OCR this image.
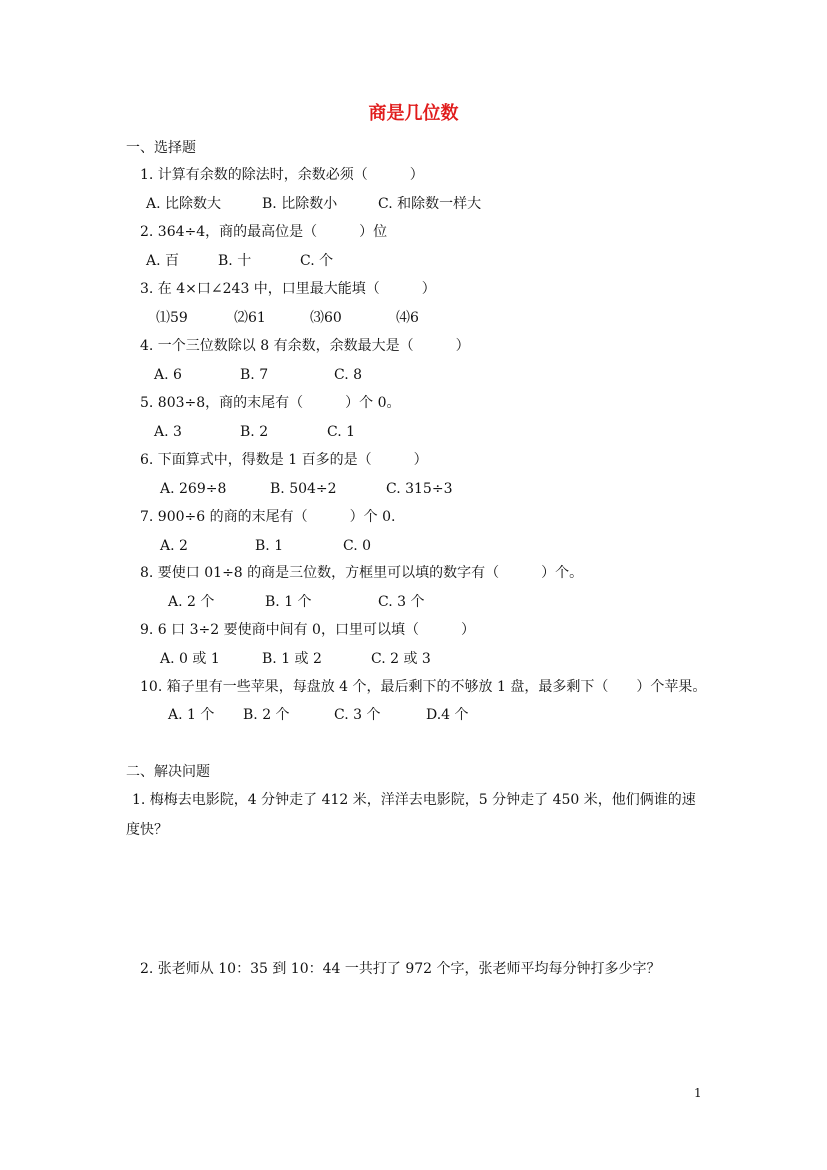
商是几位数
一、选择题
1. 计算有余数的除法时，余数必须（　　　）
A. 比除数大	B. 比除数小	C. 和除数一样大
2. 364÷4，商的最高位是（　　　）位
A. 百	B. 十	C. 个
3. 在 4×口∠243 中，口里最大能填（　　　）
⑴59	⑵61	⑶60	⑷6
4. 一个三位数除以 8 有余数，余数最大是（　　　）
A. 6	B. 7	C. 8
5. 803÷8，商的末尾有（　　　）个 0。
A. 3	B. 2	C. 1
6. 下面算式中，得数是 1 百多的是（　　　）
A. 269÷8	B. 504÷2	C. 315÷3
7. 900÷6 的商的末尾有（　　　）个 0.
A. 2	B. 1	C. 0
8. 要使口 01÷8 的商是三位数，方框里可以填的数字有（　　　）个。
A. 2 个	B. 1 个	C. 3 个
9. 6 口 3÷2 要使商中间有 0，口里可以填（　　　）
A. 0 或 1	B. 1 或 2	C. 2 或 3
10. 箱子里有一些苹果，每盘放 4 个，最后剩下的不够放 1 盘，最多剩下（　　）个苹果。
A. 1 个 B. 2 个	C. 3 个	D.4 个
二、解决问题
1. 梅梅去电影院，4 分钟走了 412 米，洋洋去电影院，5 分钟走了 450 米，他们俩谁的速度快？
2. 张老师从 10：35 到 10：44 一共打了 972 个字，张老师平均每分钟打多少字？
1
